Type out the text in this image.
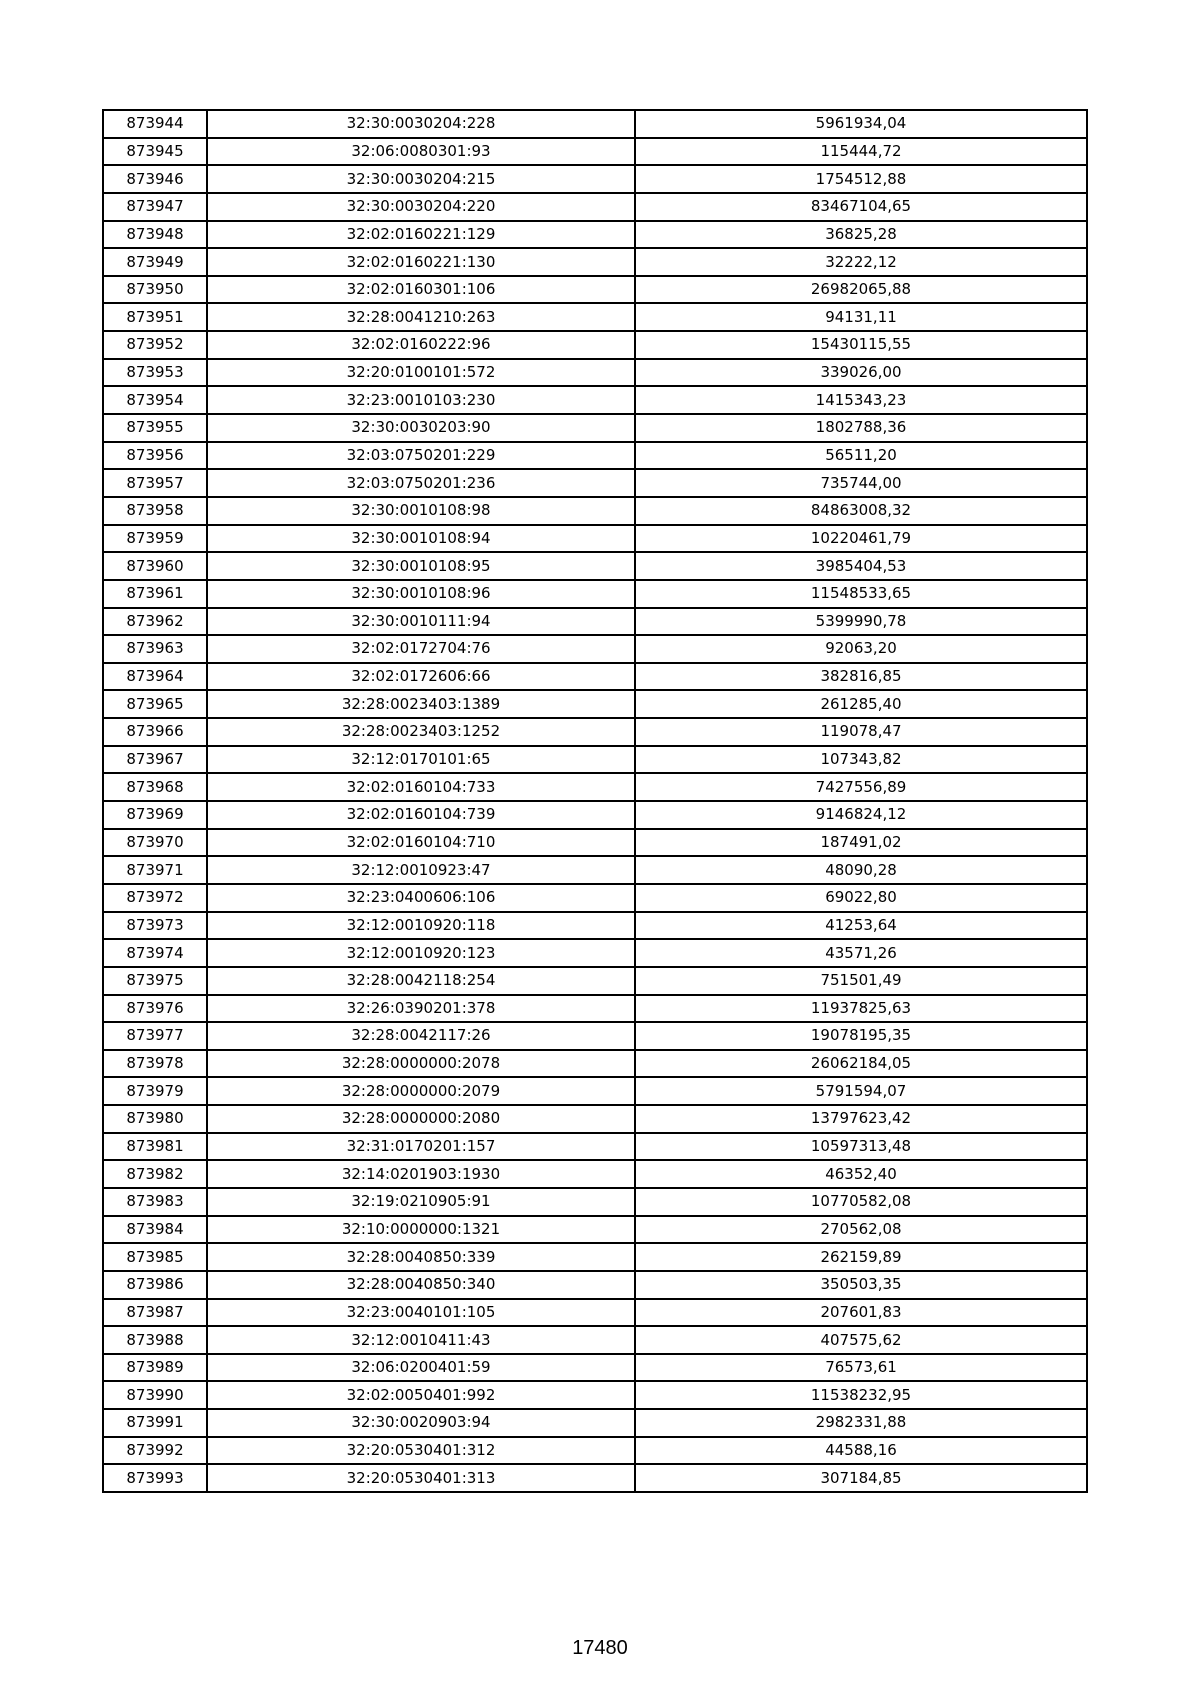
873944	32:30:0030204:228	5961934,04
873945	32:06:0080301:93	115444,72
873946	32:30:0030204:215	1754512,88
873947	32:30:0030204:220	83467104,65
873948	32:02:0160221:129	36825,28
873949	32:02:0160221:130	32222,12
873950	32:02:0160301:106	26982065,88
873951	32:28:0041210:263	94131,11
873952	32:02:0160222:96	15430115,55
873953	32:20:0100101:572	339026,00
873954	32:23:0010103:230	1415343,23
873955	32:30:0030203:90	1802788,36
873956	32:03:0750201:229	56511,20
873957	32:03:0750201:236	735744,00
873958	32:30:0010108:98	84863008,32
873959	32:30:0010108:94	10220461,79
873960	32:30:0010108:95	3985404,53
873961	32:30:0010108:96	11548533,65
873962	32:30:0010111:94	5399990,78
873963	32:02:0172704:76	92063,20
873964	32:02:0172606:66	382816,85
873965	32:28:0023403:1389	261285,40
873966	32:28:0023403:1252	119078,47
873967	32:12:0170101:65	107343,82
873968	32:02:0160104:733	7427556,89
873969	32:02:0160104:739	9146824,12
873970	32:02:0160104:710	187491,02
873971	32:12:0010923:47	48090,28
873972	32:23:0400606:106	69022,80
873973	32:12:0010920:118	41253,64
873974	32:12:0010920:123	43571,26
873975	32:28:0042118:254	751501,49
873976	32:26:0390201:378	11937825,63
873977	32:28:0042117:26	19078195,35
873978	32:28:0000000:2078	26062184,05
873979	32:28:0000000:2079	5791594,07
873980	32:28:0000000:2080	13797623,42
873981	32:31:0170201:157	10597313,48
873982	32:14:0201903:1930	46352,40
873983	32:19:0210905:91	10770582,08
873984	32:10:0000000:1321	270562,08
873985	32:28:0040850:339	262159,89
873986	32:28:0040850:340	350503,35
873987	32:23:0040101:105	207601,83
873988	32:12:0010411:43	407575,62
873989	32:06:0200401:59	76573,61
873990	32:02:0050401:992	11538232,95
873991	32:30:0020903:94	2982331,88
873992	32:20:0530401:312	44588,16
873993	32:20:0530401:313	307184,85
17480
